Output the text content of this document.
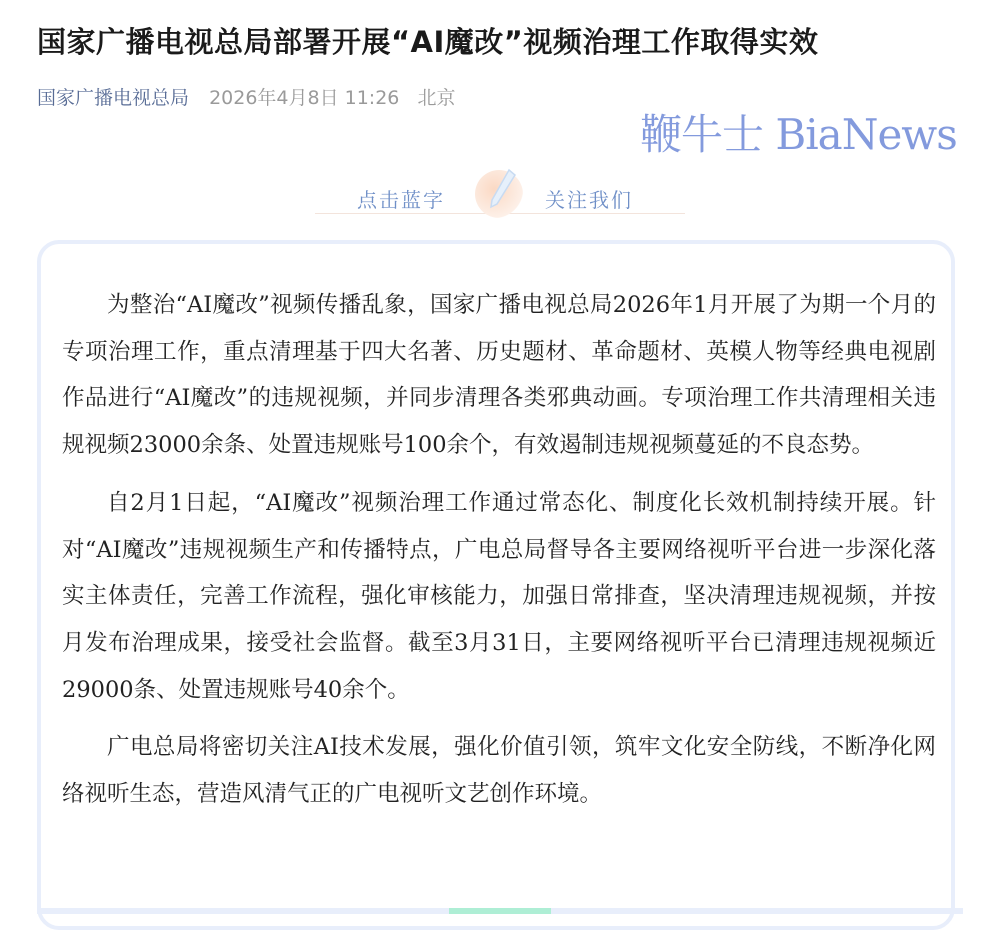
国家广播电视总局部署开展“AI魔改”视频治理工作取得实效
国家广播电视总局 2026年4月8日 11:26 北京
鞭牛士 BiaNews
点击蓝字	关注我们

为整治“AI魔改”视频传播乱象，国家广播电视总局2026年1月开展了为期一个月的专项治理工作，重点清理基于四大名著、历史题材、革命题材、英模人物等经典电视剧作品进行“AI魔改”的违规视频，并同步清理各类邪典动画。专项治理工作共清理相关违规视频23000余条、处置违规账号100余个，有效遏制违规视频蔓延的不良态势。

自2月1日起，“AI魔改”视频治理工作通过常态化、制度化长效机制持续开展。针对“AI魔改”违规视频生产和传播特点，广电总局督导各主要网络视听平台进一步深化落实主体责任，完善工作流程，强化审核能力，加强日常排查，坚决清理违规视频，并按月发布治理成果，接受社会监督。截至3月31日，主要网络视听平台已清理违规视频近29000条、处置违规账号40余个。

广电总局将密切关注AI技术发展，强化价值引领，筑牢文化安全防线，不断净化网络视听生态，营造风清气正的广电视听文艺创作环境。
